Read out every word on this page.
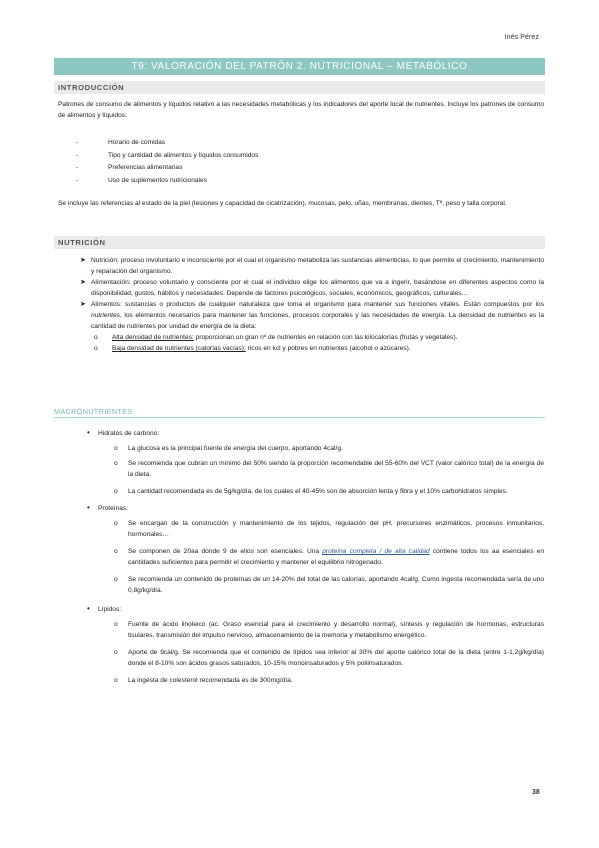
Inés Pérez
T9: VALORACIÓN DEL PATRÓN 2. NUTRICIONAL – METABÓLICO
INTRODUCCIÓN
Patrones de consumo de alimentos y líquidos relativo a las necesidades metabólicas y los indicadores del aporte local de nutrientes. Incluye los patrones de consumo de alimentos y líquidos:
-	Horario de comidas
-	Tipo y cantidad de alimentos y líquidos consumidos
-	Preferencias alimentarias
-	Uso de suplementos nutricionales
Se incluye las referencias al estado de la piel (lesiones y capacidad de cicatrización), mucosas, pelo, uñas, membranas, dientes, Tª, peso y talla corporal.
NUTRICIÓN
➤ Nutrición: proceso involuntario e inconsciente por el cual el organismo metaboliza las sustancias alimenticias, lo que permite el crecimiento, mantenimiento y reparación del organismo.
➤ Alimentación: proceso voluntario y consciente por el cual el individuo elige los alimentos que va a ingerir, basándose en diferentes aspectos como la disponibilidad, gustos, hábitos y necesidades. Depende de factores psicológicos, sociales, económicos, geográficos, culturales…
➤ Alimentos: sustancias o productos de cualquier naturaleza que toma el organismo para mantener sus funciones vitales. Están compuestos por los nutrientes, los elementos necesarios para mantener las funciones, procesos corporales y las necesidades de energía. La densidad de nutrientes es la cantidad de nutrientes por unidad de energía de la dieta:
o Alta densidad de nutrientes: proporcionan un gran nº de nutrientes en relación con las kilocalorías (frutas y vegetales).
o Baja densidad de nutrientes (calorías vacías): ricos en kcl y pobres en nutrientes (alcohol o azúcares).
MACRONUTRIENTES
• Hidratos de carbono:
o La glucosa es la principal fuente de energía del cuerpo, aportando 4cal/g.
o Se recomienda que cubran un mínimo del 50% siendo la proporción recomendable del 55-60% del VCT (valor calórico total) de la energía de la dieta.
o La cantidad recomendada es de 5g/kg/día, de los cuales el 40-45% son de absorción lenta y fibra y el 10% carbohidratos simples.
• Proteínas:
o Se encargan de la construcción y mantenimiento de los tejidos, regulación del pH, precursores enzimáticos, procesos inmunitarios, hormonales…
o Se componen de 20aa donde 9 de ellos son esenciales. Una proteína completa / de alta calidad contiene todos los aa esenciales en cantidades suficientes para permitir el crecimiento y mantener el equilibrio nitrogenado.
o Se recomienda un contenido de proteínas de un 14-20% del total de las calorías, aportando 4cal/g. Como ingesta recomendada sería de uno 0,8g/kg/día.
• Lípidos:
o Fuente de ácido linoleico (ac. Graso esencial para el crecimiento y desarrollo normal), síntesis y regulación de hormonas, estructuras tisulares, transmisión del impulso nervioso, almacenamiento de la memoria y metabolismo energético.
o Aporte de 9cal/g. Se recomienda que el contenido de lípidos sea inferior al 30% del aporte calórico total de la dieta (entre 1-1,2g/kg/día) donde el 8-10% son ácidos grasos saturados, 10-15% monoinsaturados y 5% poliinsaturados.
o La ingesta de colesterol recomendada es de 300mg/día.
38
